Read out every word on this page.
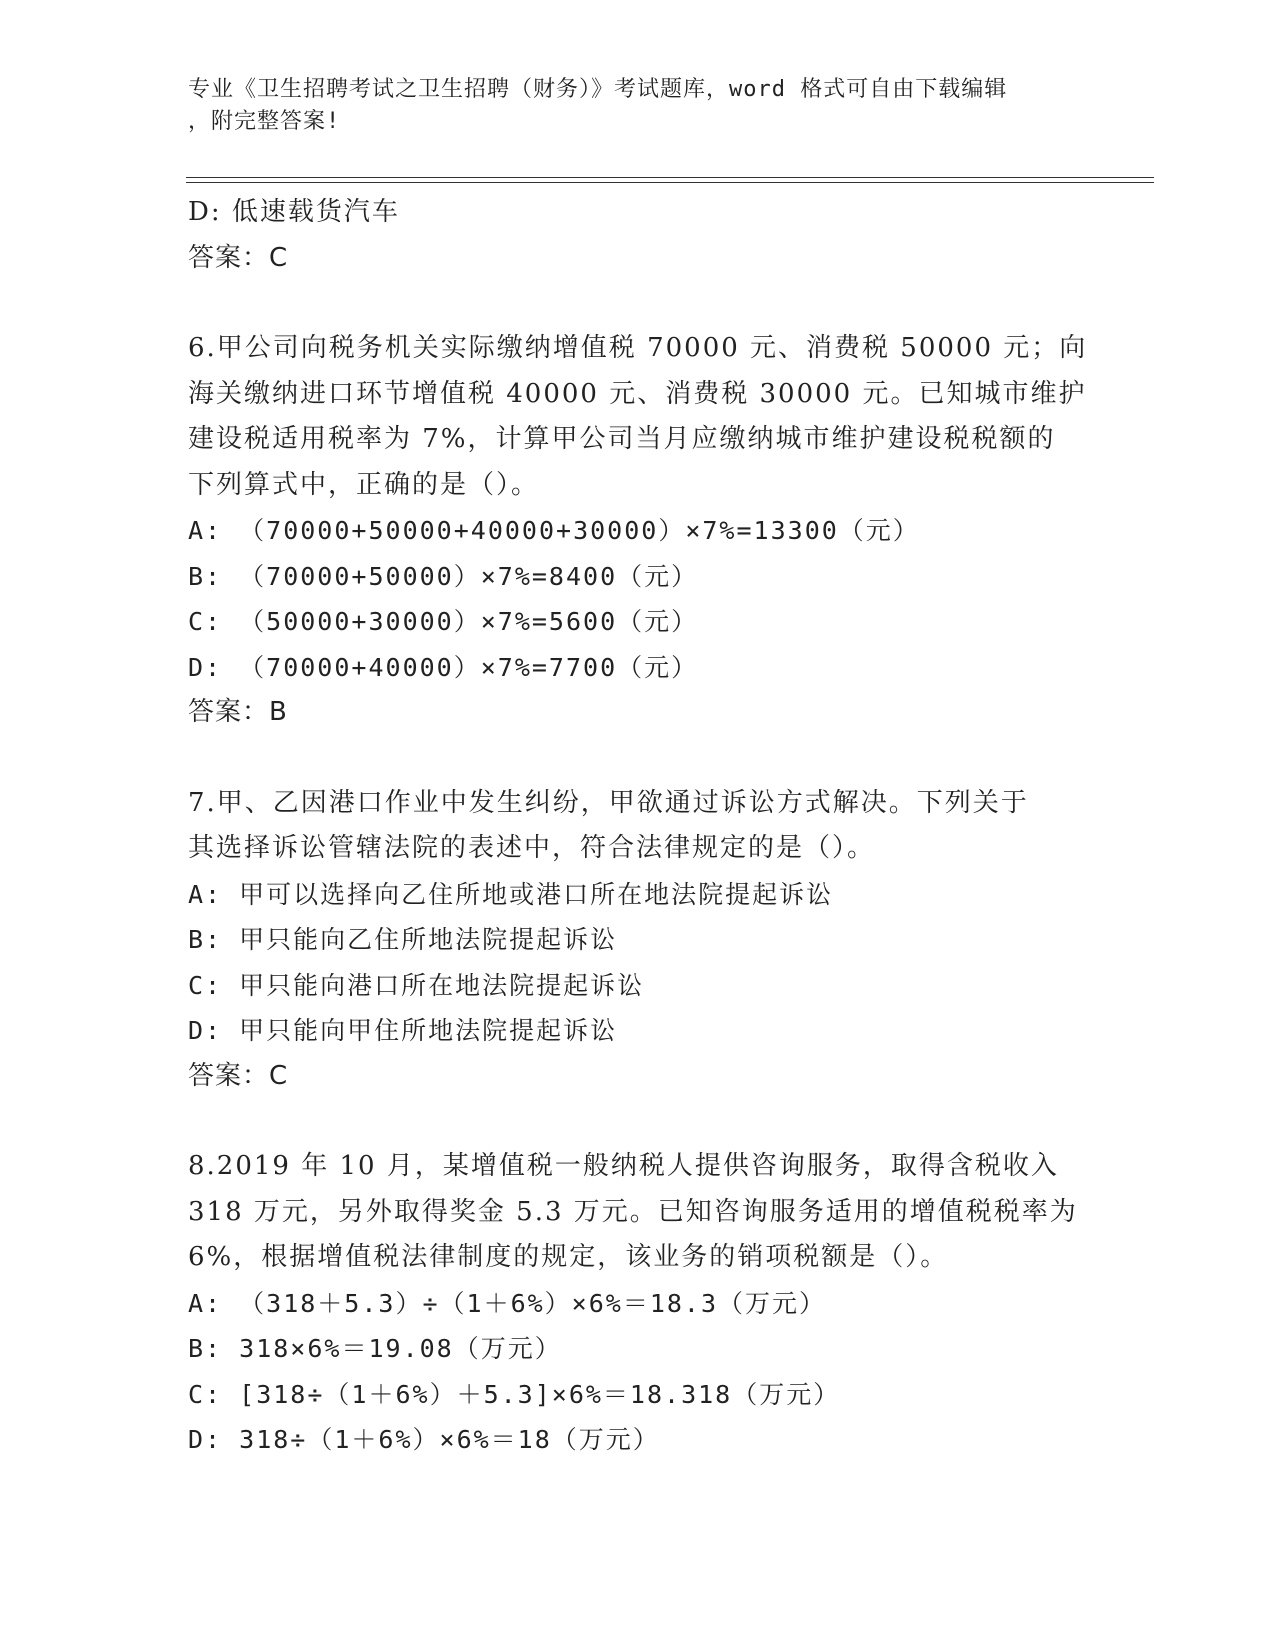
专业《卫生招聘考试之卫生招聘（财务）》考试题库，word 格式可自由下载编辑
，附完整答案!
D: 低速载货汽车
答案：C
6.甲公司向税务机关实际缴纳增值税 70000 元、消费税 50000 元；向
海关缴纳进口环节增值税 40000 元、消费税 30000 元。已知城市维护
建设税适用税率为 7%，计算甲公司当月应缴纳城市维护建设税税额的
下列算式中，正确的是（）。
A: （70000+50000+40000+30000）×7%=13300（元）
B: （70000+50000）×7%=8400（元）
C: （50000+30000）×7%=5600（元）
D: （70000+40000）×7%=7700（元）
答案：B
7.甲、乙因港口作业中发生纠纷，甲欲通过诉讼方式解决。下列关于
其选择诉讼管辖法院的表述中，符合法律规定的是（）。
A: 甲可以选择向乙住所地或港口所在地法院提起诉讼
B: 甲只能向乙住所地法院提起诉讼
C: 甲只能向港口所在地法院提起诉讼
D: 甲只能向甲住所地法院提起诉讼
答案：C
8.2019 年 10 月，某增值税一般纳税人提供咨询服务，取得含税收入
318 万元，另外取得奖金 5.3 万元。已知咨询服务适用的增值税税率为
6%，根据增值税法律制度的规定，该业务的销项税额是（）。
A: （318＋5.3）÷（1＋6%）×6%＝18.3（万元）
B: 318×6%＝19.08（万元）
C: [318÷（1＋6%）＋5.3]×6%＝18.318（万元）
D: 318÷（1＋6%）×6%＝18（万元）
